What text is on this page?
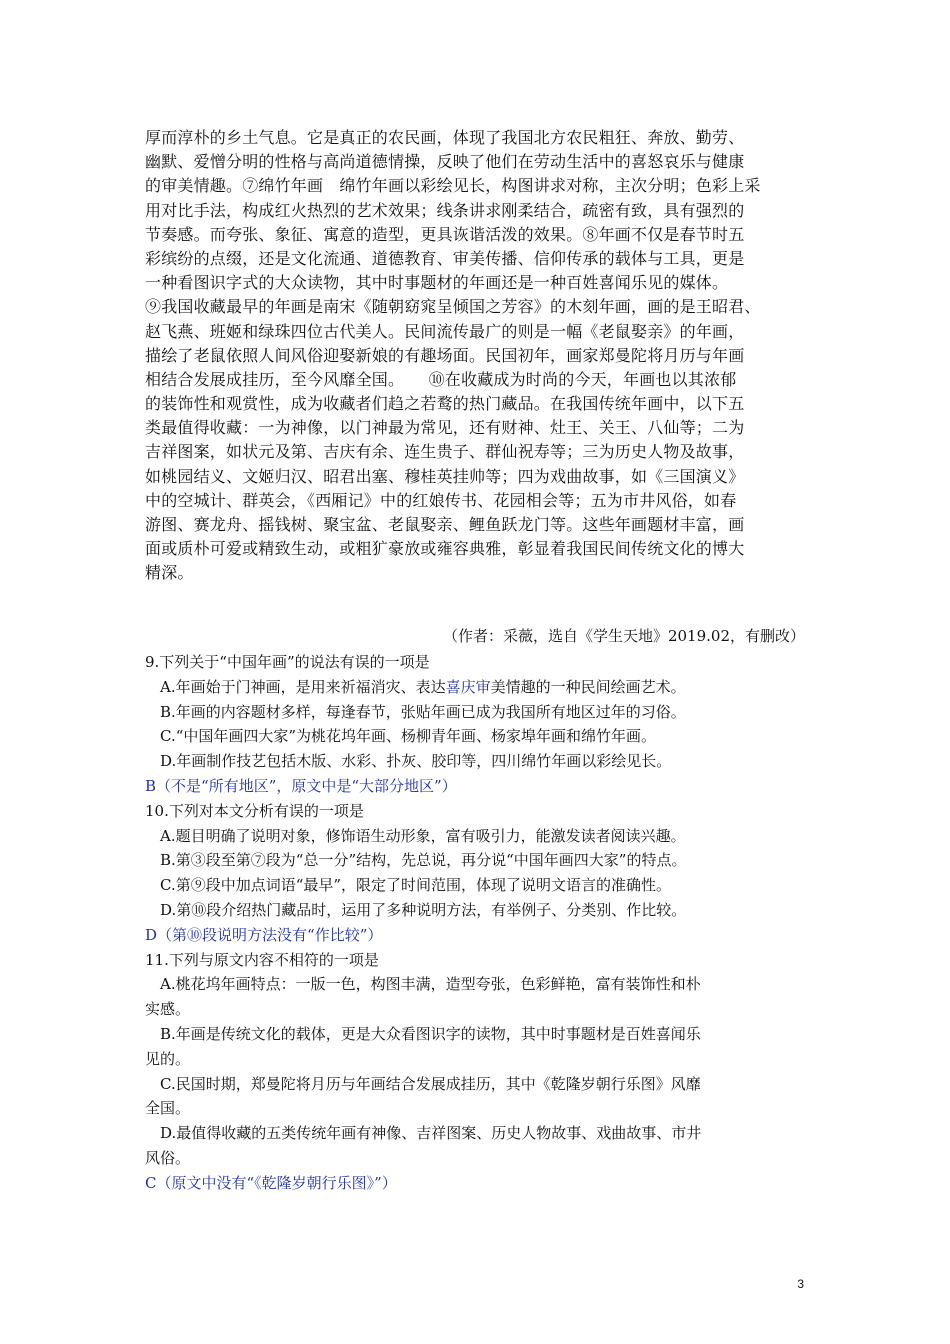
厚而淳朴的乡土气息。它是真正的农民画，体现了我国北方农民粗狂、奔放、勤劳、
幽默、爱憎分明的性格与高尚道德情操，反映了他们在劳动生活中的喜怒哀乐与健康
的审美情趣。⑦绵竹年画　绵竹年画以彩绘见长，构图讲求对称，主次分明；色彩上采
用对比手法，构成红火热烈的艺术效果；线条讲求刚柔结合，疏密有致，具有强烈的
节奏感。而夸张、象征、寓意的造型，更具诙谐活泼的效果。⑧年画不仅是春节时五
彩缤纷的点缀，还是文化流通、道德教育、审美传播、信仰传承的载体与工具，更是
一种看图识字式的大众读物，其中时事题材的年画还是一种百姓喜闻乐见的媒体。
⑨我国收藏最早的年画是南宋《随朝窈窕呈倾国之芳容》的木刻年画，画的是王昭君、
赵飞燕、班姬和绿珠四位古代美人。民间流传最广的则是一幅《老鼠娶亲》的年画，
描绘了老鼠依照人间风俗迎娶新娘的有趣场面。民国初年，画家郑曼陀将月历与年画
相结合发展成挂历，至今风靡全国。　　⑩在收藏成为时尚的今天，年画也以其浓郁
的装饰性和观赏性，成为收藏者们趋之若鹜的热门藏品。在我国传统年画中，以下五
类最值得收藏：一为神像，以门神最为常见，还有财神、灶王、关王、八仙等；二为
吉祥图案，如状元及第、吉庆有余、连生贵子、群仙祝寿等；三为历史人物及故事，
如桃园结义、文姬归汉、昭君出塞、穆桂英挂帅等；四为戏曲故事，如《三国演义》
中的空城计、群英会，《西厢记》中的红娘传书、花园相会等；五为市井风俗，如春
游图、赛龙舟、摇钱树、聚宝盆、老鼠娶亲、鲤鱼跃龙门等。这些年画题材丰富，画
面或质朴可爱或精致生动，或粗犷豪放或雍容典雅，彰显着我国民间传统文化的博大
精深。
（作者：采薇，选自《学生天地》2019.02，有删改）
9.下列关于“中国年画”的说法有误的一项是
A.年画始于门神画，是用来祈福消灾、表达喜庆审美情趣的一种民间绘画艺术。
B.年画的内容题材多样，每逢春节，张贴年画已成为我国所有地区过年的习俗。
C.“中国年画四大家”为桃花坞年画、杨柳青年画、杨家埠年画和绵竹年画。
D.年画制作技艺包括木版、水彩、扑灰、胶印等，四川绵竹年画以彩绘见长。
B（不是“所有地区”，原文中是“大部分地区”）
10.下列对本文分析有误的一项是
A.题目明确了说明对象，修饰语生动形象，富有吸引力，能激发读者阅读兴趣。
B.第③段至第⑦段为“总一分”结构，先总说，再分说“中国年画四大家”的特点。
C.第⑨段中加点词语“最早”，限定了时间范围，体现了说明文语言的准确性。
D.第⑩段介绍热门藏品时，运用了多种说明方法，有举例子、分类别、作比较。
D（第⑩段说明方法没有“作比较”）
11.下列与原文内容不相符的一项是
A.桃花坞年画特点：一版一色，构图丰满，造型夸张，色彩鲜艳，富有装饰性和朴
实感。
B.年画是传统文化的载体，更是大众看图识字的读物，其中时事题材是百姓喜闻乐
见的。
C.民国时期，郑曼陀将月历与年画结合发展成挂历，其中《乾隆岁朝行乐图》风靡
全国。
D.最值得收藏的五类传统年画有神像、吉祥图案、历史人物故事、戏曲故事、市井
风俗。
C（原文中没有“《乾隆岁朝行乐图》”）
3
